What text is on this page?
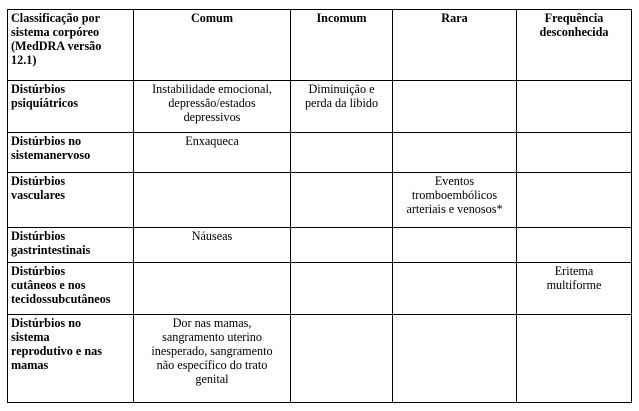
Classificação por
sistema corpóreo
(MedDRA versão
12.1)	Comum	Incomum	Rara	Frequência
desconhecida

Distúrbios
psiquiátricos	Instabilidade emocional,
depressão/estados
depressivos	Diminuição e
perda da libido		

Distúrbios no
sistemanervoso	Enxaqueca			

Distúrbios
vasculares			Eventos
tromboembólicos
arteriais e venosos*	

Distúrbios
gastrintestinais	Náuseas			

Distúrbios
cutâneos e nos
tecidossubcutâneos				Eritema
multiforme

Distúrbios no
sistema
reprodutivo e nas
mamas	Dor nas mamas,
sangramento uterino
inesperado, sangramento
não específico do trato
genital			
